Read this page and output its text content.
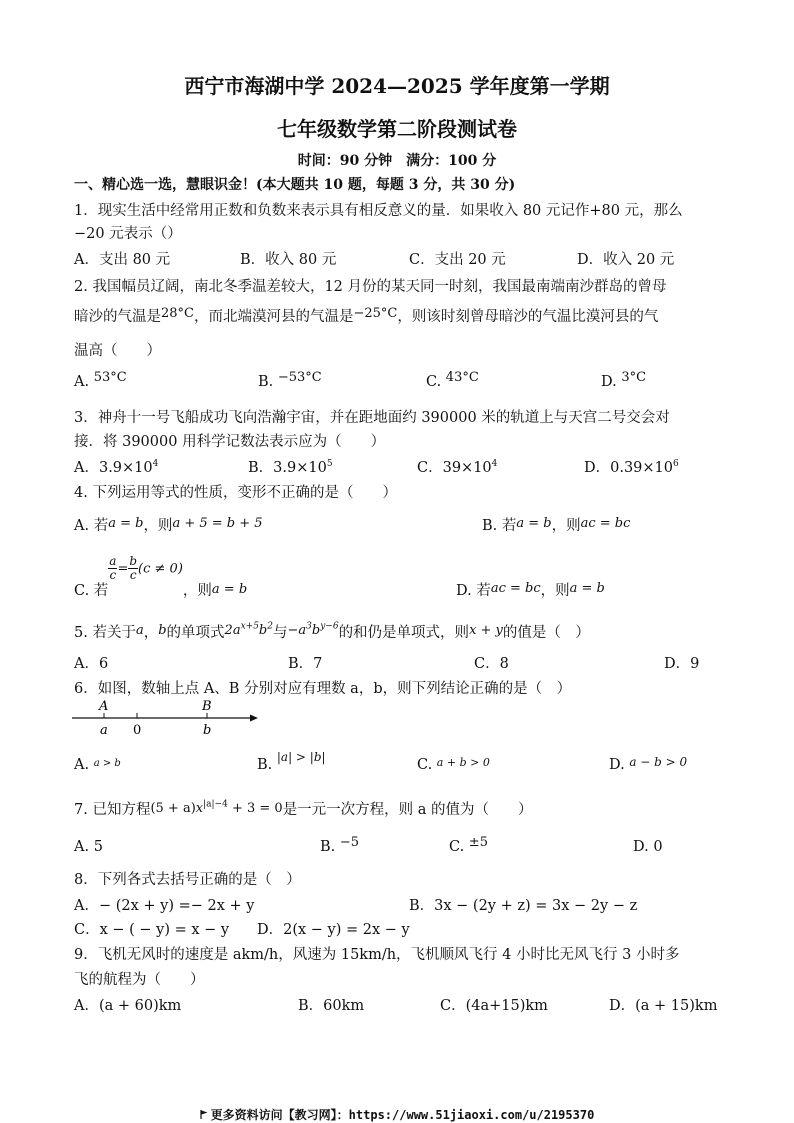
西宁市海湖中学 2024—2025 学年度第一学期
七年级数学第二阶段测试卷
时间：90 分钟　满分：100 分
一、精心选一选，慧眼识金！(本大题共 10 题，每题 3 分，共 30 分)
1．现实生活中经常用正数和负数来表示具有相反意义的量．如果收入 80 元记作+80 元，那么
−20 元表示（）
A．支出 80 元	B．收入 80 元	C．支出 20 元	D．收入 20 元
2. 我国幅员辽阔，南北冬季温差较大，12 月份的某天同一时刻，我国最南端南沙群岛的曾母
暗沙的气温是28°C，而北端漠河县的气温是−25°C，则该时刻曾母暗沙的气温比漠河县的气
温高（　　）
A. 53°C	B. −53°C	C. 43°C	D. 3°C
3．神舟十一号飞船成功飞向浩瀚宇宙，并在距地面约 390000 米的轨道上与天宫二号交会对
接．将 390000 用科学记数法表示应为（　　）
A．$3.9\times 10^4$	B．$3.9\times 10^5$	C．$39\times 10^4$	D．$0.39\times 10^6$
4. 下列运用等式的性质，变形不正确的是（　　）
A. 若a = b，则a + 5 = b + 5	B. 若a = b，则ac = bc
C. 若
$\frac{a}{c} = \frac{b}{c} (c \ne 0)$，则a = b	D. 若ac = bc，则a = b
5. 若关于a，b的单项式$2a^{x+5}b^2$与$-a^3b^{y-6}$的和仍是单项式，则x + y的值是（　）
A．6	B．7	C．8	D．9
6．如图，数轴上点 A、B 分别对应有理数 a，b，则下列结论正确的是（　）
A	B
a 0	b
A. $^{a > b}$	B. $^{|a| > |b|}$	C. $^{a + b > 0}$	D. $^{a - b > 0}$
7. 已知方程$(5 + a)x^{|a|-4} + 3 = 0$是一元一次方程，则 a 的值为（　　）
A. 5	B. −5	C. ±5	D. 0
8．下列各式去括号正确的是（　）
A．− (2x + y) =− 2x + y	B．3x − (2y + z) = 3x − 2y − z
C．x − ( − y) = x − y D．2(x − y) = 2x − y
9．飞机无风时的速度是 akm/h，风速为 15km/h，飞机顺风飞行 4 小时比无风飞行 3 小时多
飞的航程为（　　）
A．(a + 60)km	B．60km	C．(4a+15)km	D．(a + 15)km
更多资料访问【教习网】：https://www.51jiaoxi.com/u/2195370
